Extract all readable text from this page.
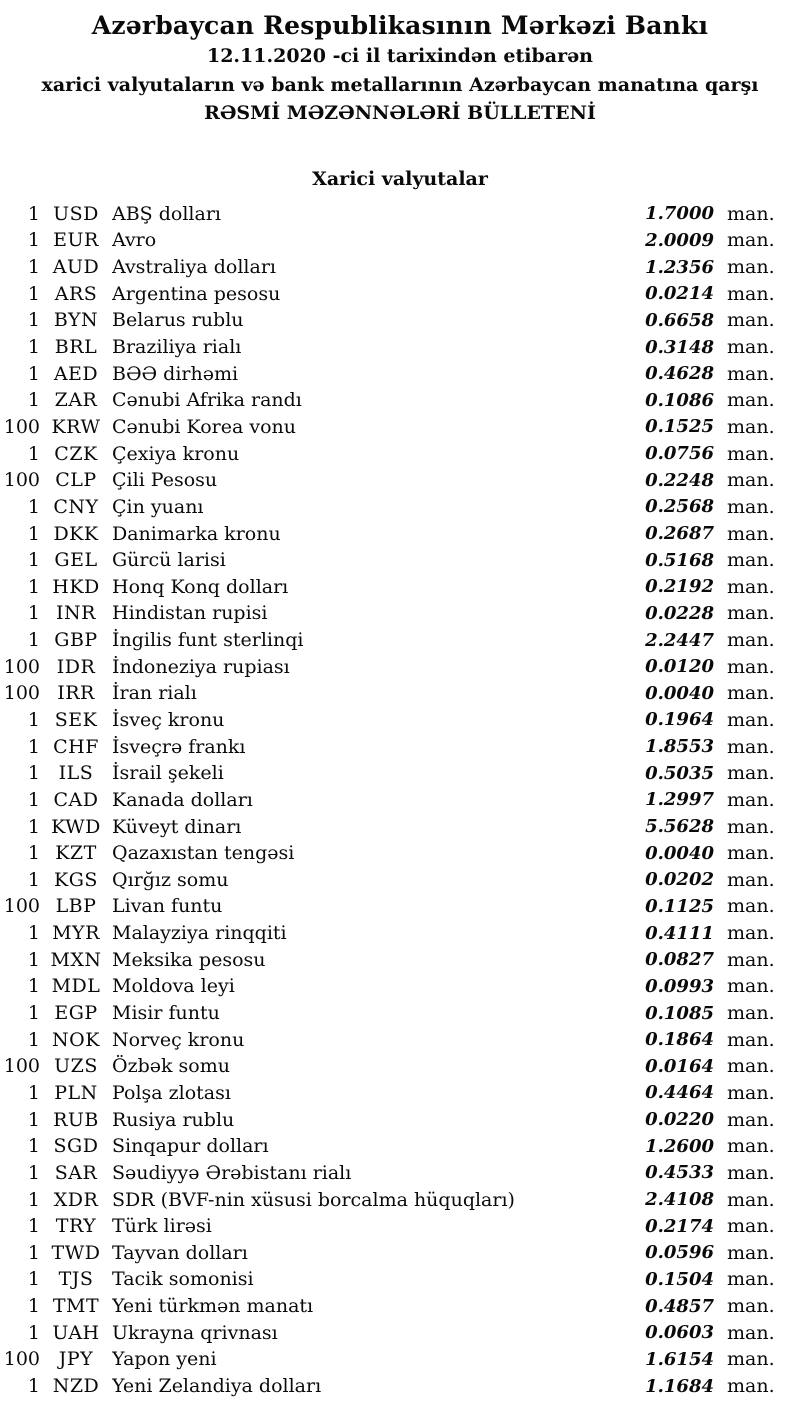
Azərbaycan Respublikasının Mərkəzi Bankı
12.11.2020 -ci il tarixindən etibarən
xarici valyutaların və bank metallarının Azərbaycan manatına qarşı
RƏSMİ MƏZƏNNƏLƏRİ BÜLLETENİ
Xarici valyutalar
1 USD ABŞ dolları	1.7000 man.
1 EUR Avro	2.0009 man.
1 AUD Avstraliya dolları	1.2356 man.
1 ARS Argentina pesosu	0.0214 man.
1 BYN Belarus rublu	0.6658 man.
1 BRL Braziliya rialı	0.3148 man.
1 AED BƏƏ dirhəmi	0.4628 man.
1 ZAR Cənubi Afrika randı	0.1086 man.
100 KRW Cənubi Korea vonu	0.1525 man.
1 CZK Çexiya kronu	0.0756 man.
100 CLP Çili Pesosu	0.2248 man.
1 CNY Çin yuanı	0.2568 man.
1 DKK Danimarka kronu	0.2687 man.
1 GEL Gürcü larisi	0.5168 man.
1 HKD Honq Konq dolları	0.2192 man.
1 INR Hindistan rupisi	0.0228 man.
1 GBP İngilis funt sterlinqi	2.2447 man.
100 IDR İndoneziya rupiası	0.0120 man.
100 IRR İran rialı	0.0040 man.
1 SEK İsveç kronu	0.1964 man.
1 CHF İsveçrə frankı	1.8553 man.
1 ILS İsrail şekeli	0.5035 man.
1 CAD Kanada dolları	1.2997 man.
1 KWD Küveyt dinarı	5.5628 man.
1 KZT Qazaxıstan tengəsi	0.0040 man.
1 KGS Qırğız somu	0.0202 man.
100 LBP Livan funtu	0.1125 man.
1 MYR Malayziya rinqqiti	0.4111 man.
1 MXN Meksika pesosu	0.0827 man.
1 MDL Moldova leyi	0.0993 man.
1 EGP Misir funtu	0.1085 man.
1 NOK Norveç kronu	0.1864 man.
100 UZS Özbək somu	0.0164 man.
1 PLN Polşa zlotası	0.4464 man.
1 RUB Rusiya rublu	0.0220 man.
1 SGD Sinqapur dolları	1.2600 man.
1 SAR Səudiyyə Ərəbistanı rialı	0.4533 man.
1 XDR SDR (BVF-nin xüsusi borcalma hüquqları)	2.4108 man.
1 TRY Türk lirəsi	0.2174 man.
1 TWD Tayvan dolları	0.0596 man.
1 TJS Tacik somonisi	0.1504 man.
1 TMT Yeni türkmən manatı	0.4857 man.
1 UAH Ukrayna qrivnası	0.0603 man.
100 JPY Yapon yeni	1.6154 man.
1 NZD Yeni Zelandiya dolları	1.1684 man.
